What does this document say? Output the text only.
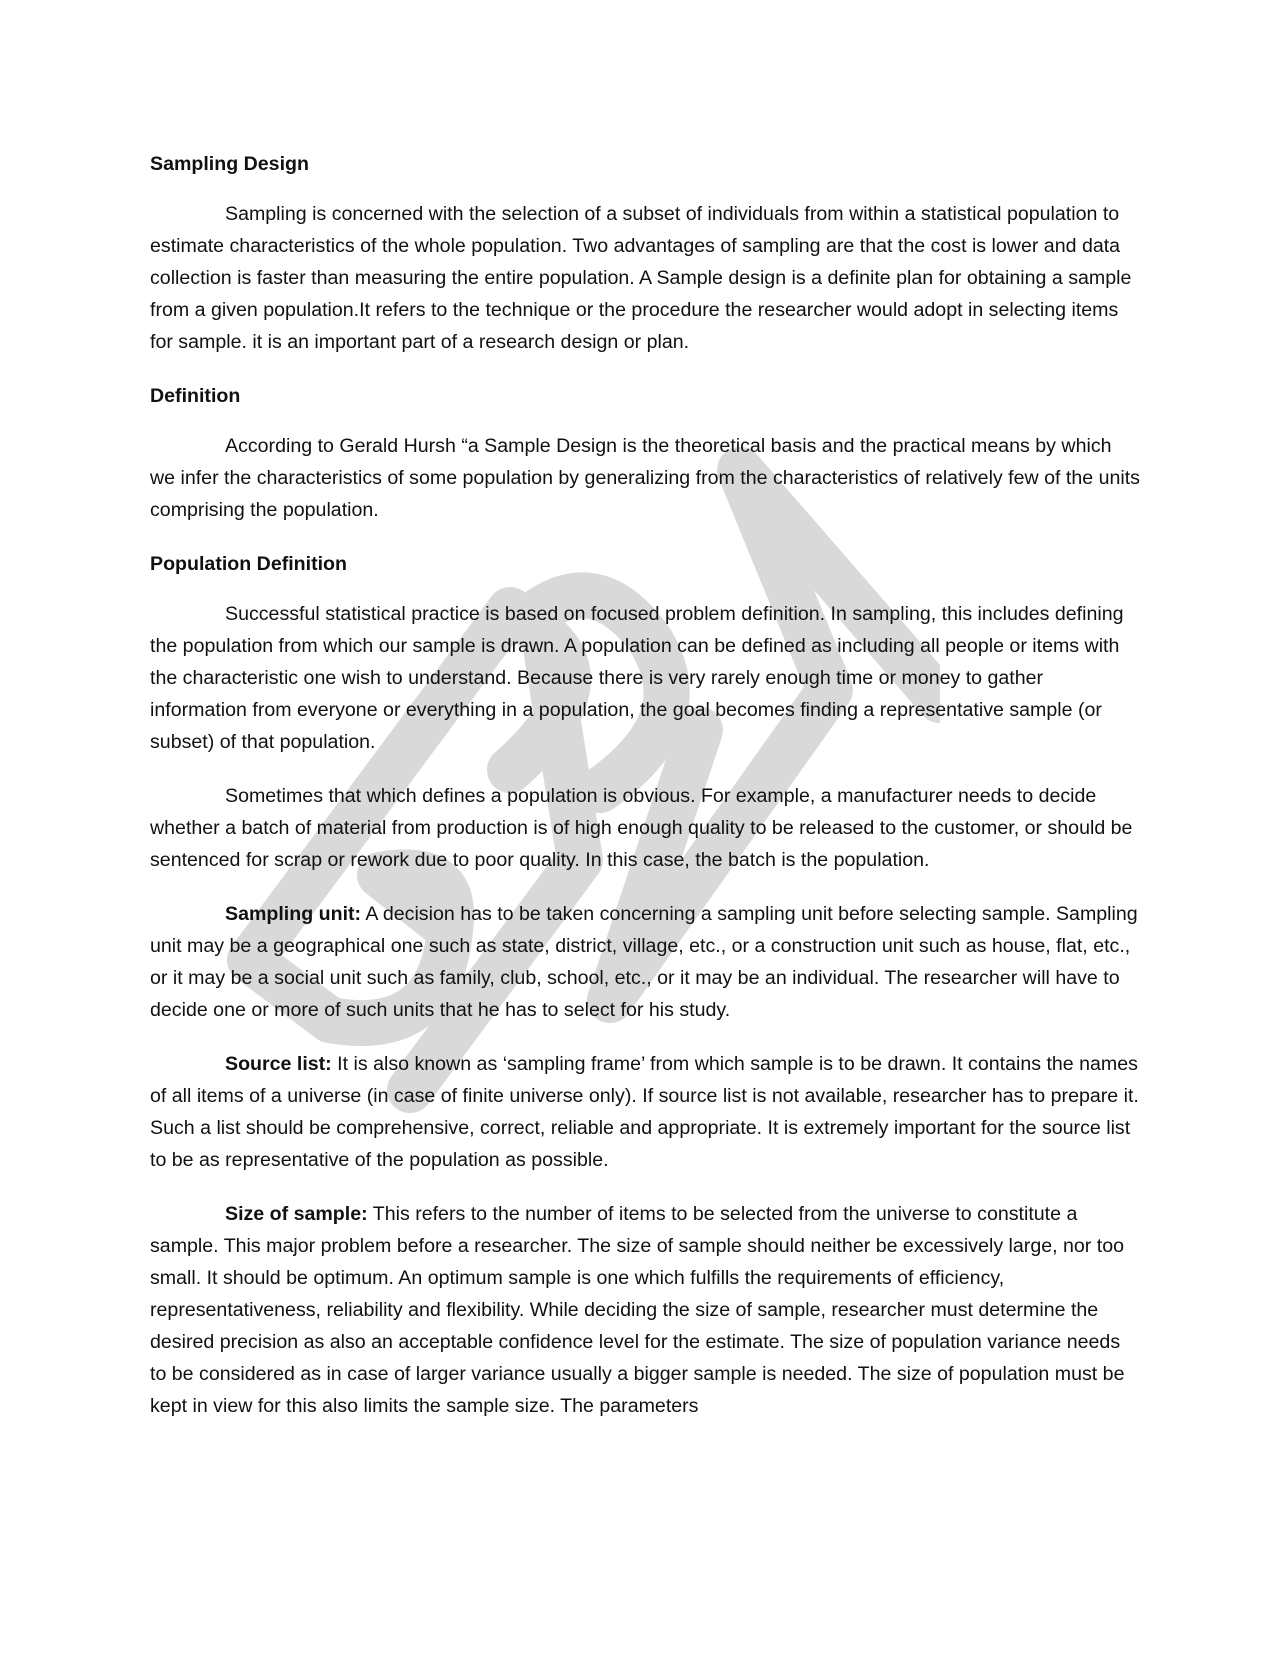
Sampling Design

Sampling is concerned with the selection of a subset of individuals from within a statistical population to estimate characteristics of the whole population. Two advantages of sampling are that the cost is lower and data collection is faster than measuring the entire population. A Sample design is a definite plan for obtaining a sample from a given population.It refers to the technique or the procedure the researcher would adopt in selecting items for sample. it is an important part of a research design or plan.

Definition

According to Gerald Hursh “a Sample Design is the theoretical basis and the practical means by which we infer the characteristics of some population by generalizing from the characteristics of relatively few of the units comprising the population.

Population Definition

Successful statistical practice is based on focused problem definition. In sampling, this includes defining the population from which our sample is drawn. A population can be defined as including all people or items with the characteristic one wish to understand. Because there is very rarely enough time or money to gather information from everyone or everything in a population, the goal becomes finding a representative sample (or subset) of that population.

Sometimes that which defines a population is obvious. For example, a manufacturer needs to decide whether a batch of material from production is of high enough quality to be released to the customer, or should be sentenced for scrap or rework due to poor quality. In this case, the batch is the population.

Sampling unit: A decision has to be taken concerning a sampling unit before selecting sample. Sampling unit may be a geographical one such as state, district, village, etc., or a construction unit such as house, flat, etc., or it may be a social unit such as family, club, school, etc., or it may be an individual. The researcher will have to decide one or more of such units that he has to select for his study.

Source list: It is also known as ‘sampling frame’ from which sample is to be drawn. It contains the names of all items of a universe (in case of finite universe only). If source list is not available, researcher has to prepare it. Such a list should be comprehensive, correct, reliable and appropriate. It is extremely important for the source list to be as representative of the population as possible.

Size of sample: This refers to the number of items to be selected from the universe to constitute a sample. This major problem before a researcher. The size of sample should neither be excessively large, nor too small. It should be optimum. An optimum sample is one which fulfills the requirements of efficiency, representativeness, reliability and flexibility. While deciding the size of sample, researcher must determine the desired precision as also an acceptable confidence level for the estimate. The size of population variance needs to be considered as in case of larger variance usually a bigger sample is needed. The size of population must be kept in view for this also limits the sample size. The parameters
